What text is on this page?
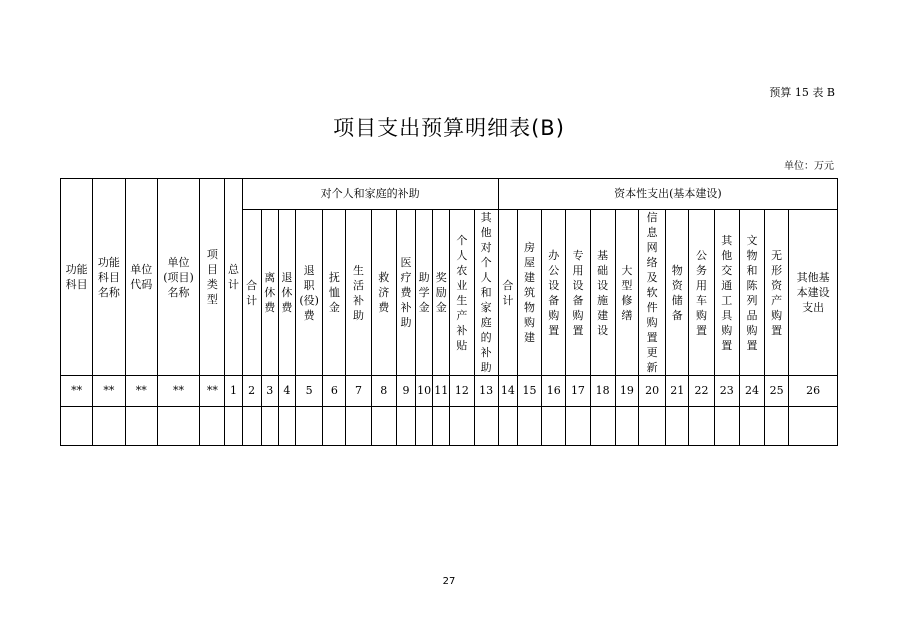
预算 15 表 B
项目支出预算明细表(B)
单位：万元
功能科目	功能科目名称	单位代码	单位(项目)名称	项目类型	总计	对个人和家庭的补助												资本性支出(基本建设)												
						合计	离休费	退休费	退职(役)费	抚恤金	生活补助	救济费	医疗费补助	助学金	奖励金	个人农业生产补贴	其他对个人和家庭的补助	合计	房屋建筑物购建	办公设备购置	专用设备购置	基础设施建设	大型修缮	信息网络及软件购置更新	物资储备	公务用车购置	其他交通工具购置	文物和陈列品购置	无形资产购置	其他基本建设支出
**	**	**	**	**	1	2	3	4	5	6	7	8	9	10	11	12	13	14	15	16	17	18	19	20	21	22	23	24	25	26

27
